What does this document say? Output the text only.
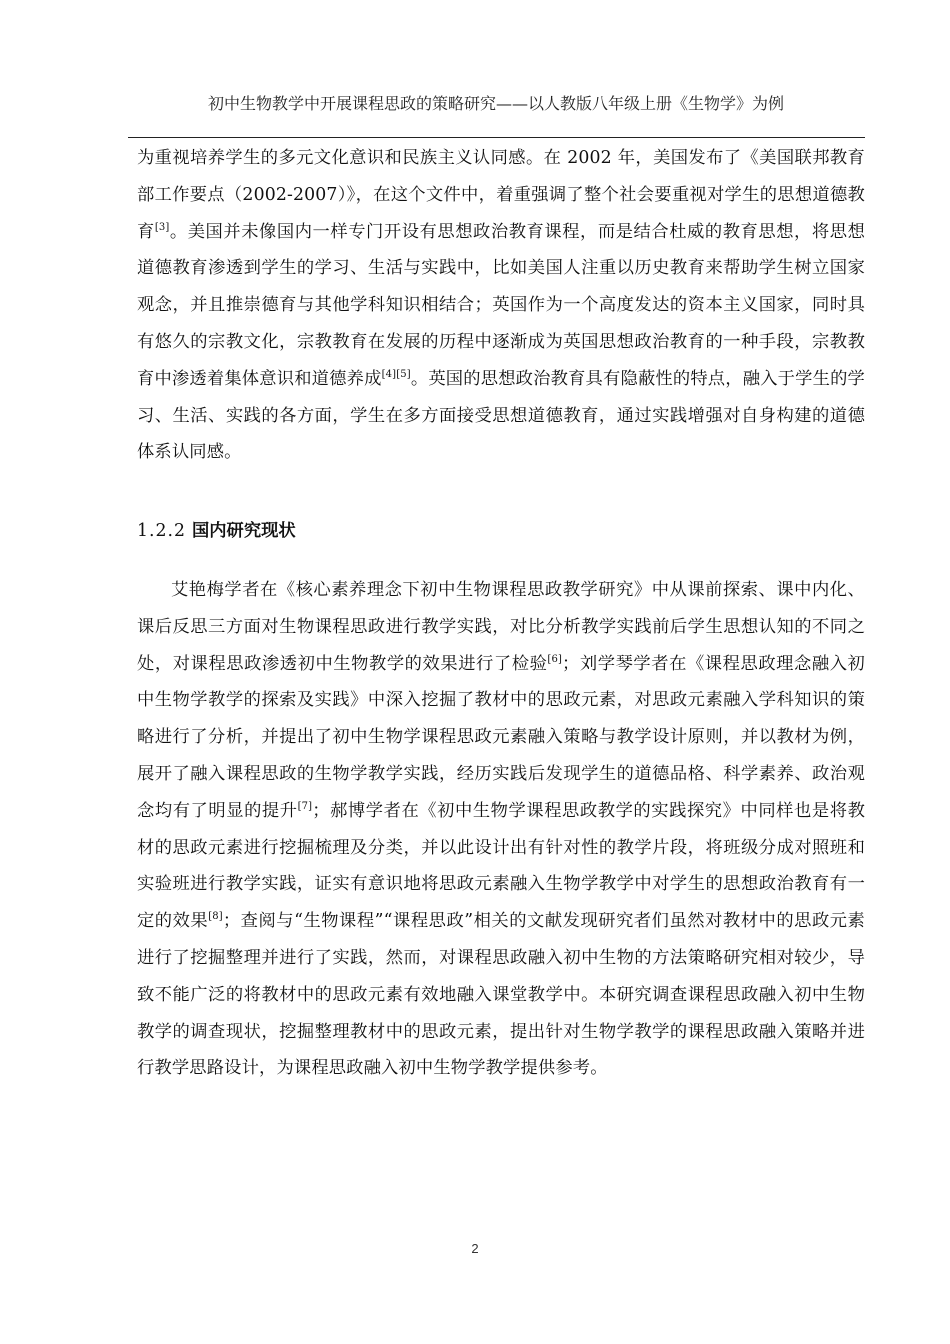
初中生物教学中开展课程思政的策略研究——以人教版八年级上册《生物学》为例

为重视培养学生的多元文化意识和民族主义认同感。在 2002 年，美国发布了《美国联邦教育部工作要点（2002-2007）》，在这个文件中，着重强调了整个社会要重视对学生的思想道德教育[3]。美国并未像国内一样专门开设有思想政治教育课程，而是结合杜威的教育思想，将思想道德教育渗透到学生的学习、生活与实践中，比如美国人注重以历史教育来帮助学生树立国家观念，并且推崇德育与其他学科知识相结合；英国作为一个高度发达的资本主义国家，同时具有悠久的宗教文化，宗教教育在发展的历程中逐渐成为英国思想政治教育的一种手段，宗教教育中渗透着集体意识和道德养成[4][5]。英国的思想政治教育具有隐蔽性的特点，融入于学生的学习、生活、实践的各方面，学生在多方面接受思想道德教育，通过实践增强对自身构建的道德体系认同感。

1.2.2 国内研究现状

艾艳梅学者在《核心素养理念下初中生物课程思政教学研究》中从课前探索、课中内化、课后反思三方面对生物课程思政进行教学实践，对比分析教学实践前后学生思想认知的不同之处，对课程思政渗透初中生物教学的效果进行了检验[6]；刘学琴学者在《课程思政理念融入初中生物学教学的探索及实践》中深入挖掘了教材中的思政元素，对思政元素融入学科知识的策略进行了分析，并提出了初中生物学课程思政元素融入策略与教学设计原则，并以教材为例，展开了融入课程思政的生物学教学实践，经历实践后发现学生的道德品格、科学素养、政治观念均有了明显的提升[7]；郝博学者在《初中生物学课程思政教学的实践探究》中同样也是将教材的思政元素进行挖掘梳理及分类，并以此设计出有针对性的教学片段，将班级分成对照班和实验班进行教学实践，证实有意识地将思政元素融入生物学教学中对学生的思想政治教育有一定的效果[8]；查阅与“生物课程”“课程思政”相关的文献发现研究者们虽然对教材中的思政元素进行了挖掘整理并进行了实践，然而，对课程思政融入初中生物的方法策略研究相对较少，导致不能广泛的将教材中的思政元素有效地融入课堂教学中。本研究调查课程思政融入初中生物教学的调查现状，挖掘整理教材中的思政元素，提出针对生物学教学的课程思政融入策略并进行教学思路设计，为课程思政融入初中生物学教学提供参考。

2
